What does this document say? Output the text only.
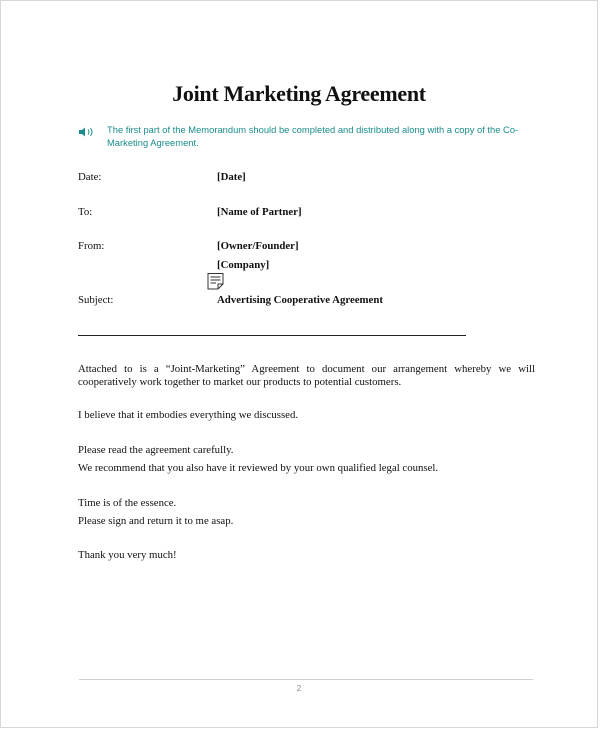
Joint Marketing Agreement
The first part of the Memorandum should be completed and distributed along with a copy of the Co-Marketing Agreement.
Date:	[Date]
To:	[Name of Partner]
From:	[Owner/Founder]
[Company]
Subject:	Advertising Cooperative Agreement
Attached to is a “Joint-Marketing” Agreement to document our arrangement whereby we will cooperatively work together to market our products to potential customers.
I believe that it embodies everything we discussed.
Please read the agreement carefully.
We recommend that you also have it reviewed by your own qualified legal counsel.
Time is of the essence.
Please sign and return it to me asap.
Thank you very much!
2
